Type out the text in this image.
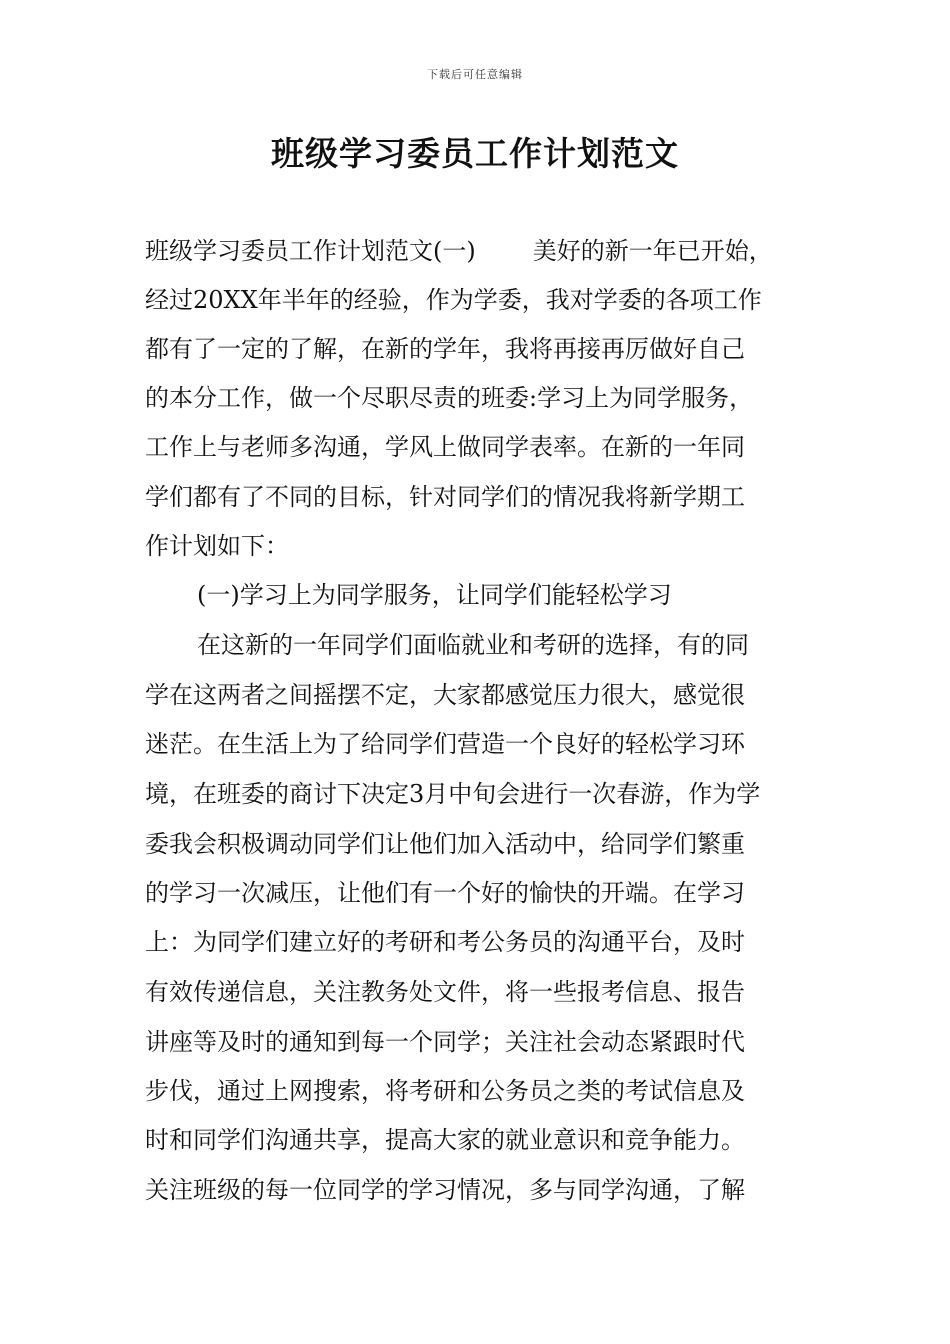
下载后可任意编辑
班级学习委员工作计划范文
班级学习委员工作计划范文(一) 美好的新一年已开始，
经过20XX年半年的经验，作为学委，我对学委的各项工作
都有了一定的了解，在新的学年，我将再接再厉做好自己
的本分工作，做一个尽职尽责的班委:学习上为同学服务，
工作上与老师多沟通，学风上做同学表率。在新的一年同
学们都有了不同的目标，针对同学们的情况我将新学期工
作计划如下：
(一)学习上为同学服务，让同学们能轻松学习
在这新的一年同学们面临就业和考研的选择，有的同
学在这两者之间摇摆不定，大家都感觉压力很大，感觉很
迷茫。在生活上为了给同学们营造一个良好的轻松学习环
境，在班委的商讨下决定3月中旬会进行一次春游，作为学
委我会积极调动同学们让他们加入活动中，给同学们繁重
的学习一次减压，让他们有一个好的愉快的开端。在学习
上：为同学们建立好的考研和考公务员的沟通平台，及时
有效传递信息，关注教务处文件，将一些报考信息、报告
讲座等及时的通知到每一个同学；关注社会动态紧跟时代
步伐，通过上网搜索，将考研和公务员之类的考试信息及
时和同学们沟通共享，提高大家的就业意识和竞争能力。
关注班级的每一位同学的学习情况，多与同学沟通，了解
